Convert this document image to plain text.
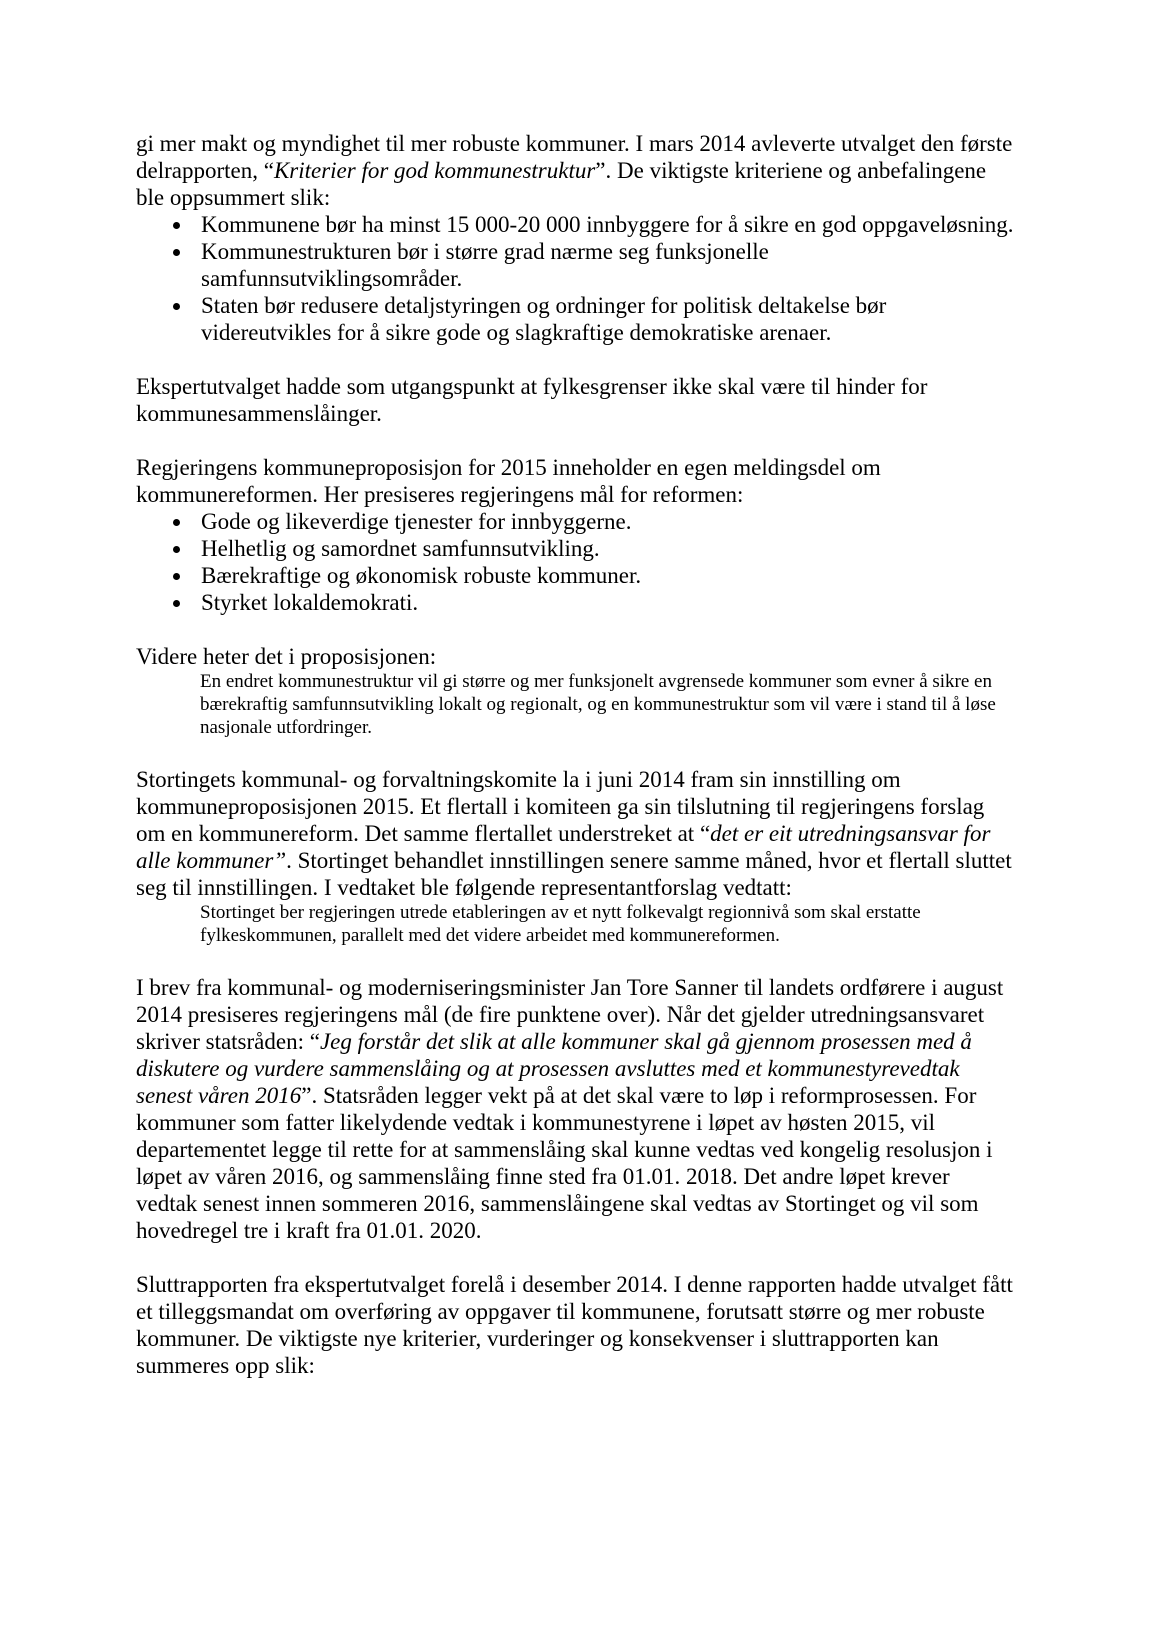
gi mer makt og myndighet til mer robuste kommuner. I mars 2014 avleverte utvalget den første delrapporten, “Kriterier for god kommunestruktur”. De viktigste kriteriene og anbefalingene ble oppsummert slik:

• Kommunene bør ha minst 15 000-20 000 innbyggere for å sikre en god oppgaveløsning.
• Kommunestrukturen bør i større grad nærme seg funksjonelle samfunnsutviklingsområder.
• Staten bør redusere detaljstyringen og ordninger for politisk deltakelse bør videreutvikles for å sikre gode og slagkraftige demokratiske arenaer.

Ekspertutvalget hadde som utgangspunkt at fylkesgrenser ikke skal være til hinder for kommunesammenslåinger.

Regjeringens kommuneproposisjon for 2015 inneholder en egen meldingsdel om kommunereformen. Her presiseres regjeringens mål for reformen:

• Gode og likeverdige tjenester for innbyggerne.
• Helhetlig og samordnet samfunnsutvikling.
• Bærekraftige og økonomisk robuste kommuner.
• Styrket lokaldemokrati.

Videre heter det i proposisjonen:

En endret kommunestruktur vil gi større og mer funksjonelt avgrensede kommuner som evner å sikre en bærekraftig samfunnsutvikling lokalt og regionalt, og en kommunestruktur som vil være i stand til å løse nasjonale utfordringer.

Stortingets kommunal- og forvaltningskomite la i juni 2014 fram sin innstilling om kommuneproposisjonen 2015. Et flertall i komiteen ga sin tilslutning til regjeringens forslag om en kommunereform. Det samme flertallet understreket at “det er eit utredningsansvar for alle kommuner”. Stortinget behandlet innstillingen senere samme måned, hvor et flertall sluttet seg til innstillingen. I vedtaket ble følgende representantforslag vedtatt:

Stortinget ber regjeringen utrede etableringen av et nytt folkevalgt regionnivå som skal erstatte fylkeskommunen, parallelt med det videre arbeidet med kommunereformen.

I brev fra kommunal- og moderniseringsminister Jan Tore Sanner til landets ordførere i august 2014 presiseres regjeringens mål (de fire punktene over). Når det gjelder utredningsansvaret skriver statsråden: “Jeg forstår det slik at alle kommuner skal gå gjennom prosessen med å diskutere og vurdere sammenslåing og at prosessen avsluttes med et kommunestyrevedtak senest våren 2016”. Statsråden legger vekt på at det skal være to løp i reformprosessen. For kommuner som fatter likelydende vedtak i kommunestyrene i løpet av høsten 2015, vil departementet legge til rette for at sammenslåing skal kunne vedtas ved kongelig resolusjon i løpet av våren 2016, og sammenslåing finne sted fra 01.01. 2018. Det andre løpet krever vedtak senest innen sommeren 2016, sammenslåingene skal vedtas av Stortinget og vil som hovedregel tre i kraft fra 01.01. 2020.

Sluttrapporten fra ekspertutvalget forelå i desember 2014. I denne rapporten hadde utvalget fått et tilleggsmandat om overføring av oppgaver til kommunene, forutsatt større og mer robuste kommuner. De viktigste nye kriterier, vurderinger og konsekvenser i sluttrapporten kan summeres opp slik:
